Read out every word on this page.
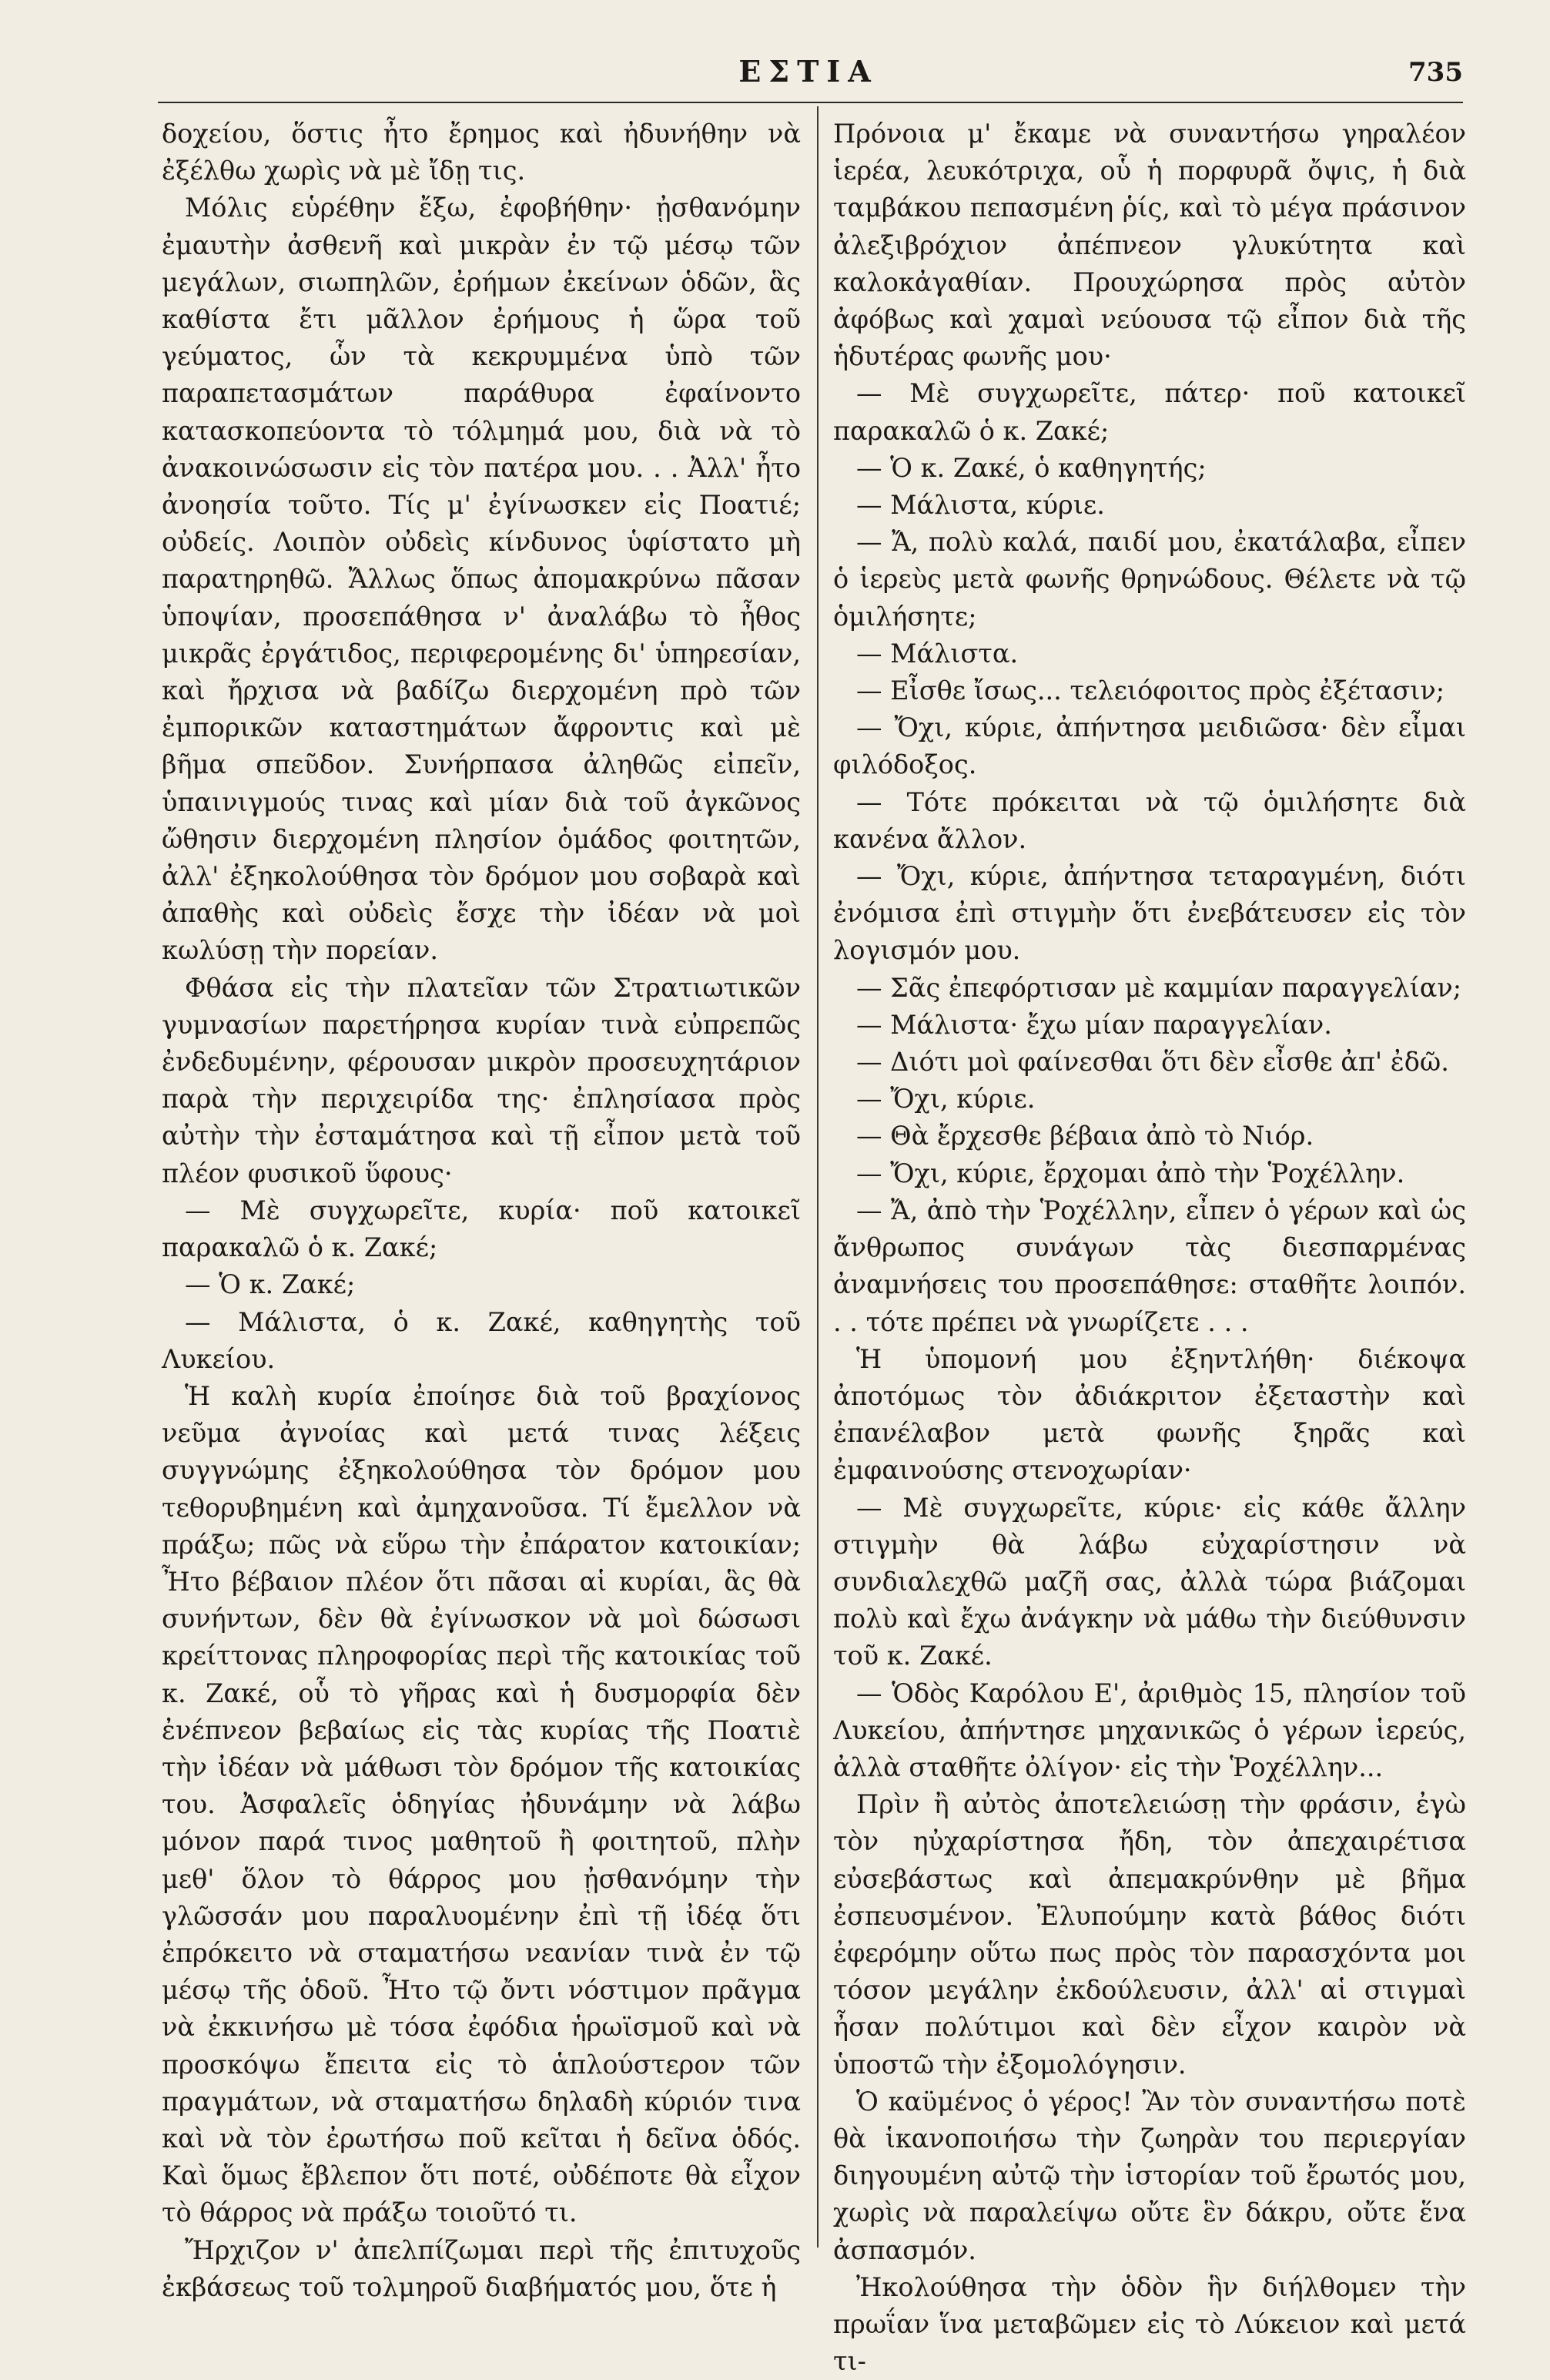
ΕΣΤΙΑ	735

δοχείου, ὅστις ἦτο ἔρημος καὶ ἠδυνήθην νὰ ἐξέλθω χωρὶς νὰ μὲ ἴδῃ τις.

Μόλις εὑρέθην ἔξω, ἐφοβήθην· ᾐσθανόμην ἐμαυτὴν ἀσθενῆ καὶ μικρὰν ἐν τῷ μέσῳ τῶν μεγάλων, σιωπηλῶν, ἐρήμων ἐκείνων ὁδῶν, ἃς καθίστα ἔτι μᾶλλον ἐρήμους ἡ ὥρα τοῦ γεύματος, ὧν τὰ κεκρυμμένα ὑπὸ τῶν παραπετασμάτων παράθυρα ἐφαίνοντο κατασκοπεύοντα τὸ τόλμημά μου, διὰ νὰ τὸ ἀνακοινώσωσιν εἰς τὸν πατέρα μου. . . Ἀλλ' ἦτο ἀνοησία τοῦτο. Τίς μ' ἐγίνωσκεν εἰς Ποατιέ; οὐδείς. Λοιπὸν οὐδεὶς κίνδυνος ὑφίστατο μὴ παρατηρηθῶ. Ἄλλως ὅπως ἀπομακρύνω πᾶσαν ὑποψίαν, προσεπάθησα ν' ἀναλάβω τὸ ἦθος μικρᾶς ἐργάτιδος, περιφερομένης δι' ὑπηρεσίαν, καὶ ἤρχισα νὰ βαδίζω διερχομένη πρὸ τῶν ἐμπορικῶν καταστημάτων ἄφροντις καὶ μὲ βῆμα σπεῦδον. Συνήρπασα ἀληθῶς εἰπεῖν, ὑπαινιγμούς τινας καὶ μίαν διὰ τοῦ ἀγκῶνος ὤθησιν διερχομένη πλησίον ὁμάδος φοιτητῶν, ἀλλ' ἐξηκολούθησα τὸν δρόμον μου σοβαρὰ καὶ ἀπαθὴς καὶ οὐδεὶς ἔσχε τὴν ἰδέαν νὰ μοὶ κωλύσῃ τὴν πορείαν.

Φθάσα εἰς τὴν πλατεῖαν τῶν Στρατιωτικῶν γυμνασίων παρετήρησα κυρίαν τινὰ εὐπρεπῶς ἐνδεδυμένην, φέρουσαν μικρὸν προσευχητάριον παρὰ τὴν περιχειρίδα της· ἐπλησίασα πρὸς αὐτὴν τὴν ἐσταμάτησα καὶ τῇ εἶπον μετὰ τοῦ πλέον φυσικοῦ ὕφους·

— Μὲ συγχωρεῖτε, κυρία· ποῦ κατοικεῖ παρακαλῶ ὁ κ. Ζακέ;

— Ὁ κ. Ζακέ;

— Μάλιστα, ὁ κ. Ζακέ, καθηγητὴς τοῦ Λυκείου.

Ἡ καλὴ κυρία ἐποίησε διὰ τοῦ βραχίονος νεῦμα ἀγνοίας καὶ μετά τινας λέξεις συγγνώμης ἐξηκολούθησα τὸν δρόμον μου τεθορυβημένη καὶ ἀμηχανοῦσα. Τί ἔμελλον νὰ πράξω; πῶς νὰ εὕρω τὴν ἐπάρατον κατοικίαν; Ἦτο βέβαιον πλέον ὅτι πᾶσαι αἱ κυρίαι, ἃς θὰ συνήντων, δὲν θὰ ἐγίνωσκον νὰ μοὶ δώσωσι κρείττονας πληροφορίας περὶ τῆς κατοικίας τοῦ κ. Ζακέ, οὗ τὸ γῆρας καὶ ἡ δυσμορφία δὲν ἐνέπνεον βεβαίως εἰς τὰς κυρίας τῆς Ποατιὲ τὴν ἰδέαν νὰ μάθωσι τὸν δρόμον τῆς κατοικίας του. Ἀσφαλεῖς ὁδηγίας ἠδυνάμην νὰ λάβω μόνον παρά τινος μαθητοῦ ἢ φοιτητοῦ, πλὴν μεθ' ὅλον τὸ θάρρος μου ᾐσθανόμην τὴν γλῶσσάν μου παραλυομένην ἐπὶ τῇ ἰδέᾳ ὅτι ἐπρόκειτο νὰ σταματήσω νεανίαν τινὰ ἐν τῷ μέσῳ τῆς ὁδοῦ. Ἦτο τῷ ὄντι νόστιμον πρᾶγμα νὰ ἐκκινήσω μὲ τόσα ἐφόδια ἡρωϊσμοῦ καὶ νὰ προσκόψω ἔπειτα εἰς τὸ ἁπλούστερον τῶν πραγμάτων, νὰ σταματήσω δηλαδὴ κύριόν τινα καὶ νὰ τὸν ἐρωτήσω ποῦ κεῖται ἡ δεῖνα ὁδός. Καὶ ὅμως ἔβλεπον ὅτι ποτέ, οὐδέποτε θὰ εἶχον τὸ θάρρος νὰ πράξω τοιοῦτό τι.

Ἤρχιζον ν' ἀπελπίζωμαι περὶ τῆς ἐπιτυχοῦς ἐκβάσεως τοῦ τολμηροῦ διαβήματός μου, ὅτε ἡ

Πρόνοια μ' ἔκαμε νὰ συναντήσω γηραλέον ἱερέα, λευκότριχα, οὗ ἡ πορφυρᾶ ὄψις, ἡ διὰ ταμβάκου πεπασμένη ῥίς, καὶ τὸ μέγα πράσινον ἀλεξιβρόχιον ἀπέπνεον γλυκύτητα καὶ καλοκἀγαθίαν. Προυχώρησα πρὸς αὐτὸν ἀφόβως καὶ χαμαὶ νεύουσα τῷ εἶπον διὰ τῆς ἡδυτέρας φωνῆς μου·

— Μὲ συγχωρεῖτε, πάτερ· ποῦ κατοικεῖ παρακαλῶ ὁ κ. Ζακέ;

— Ὁ κ. Ζακέ, ὁ καθηγητής;

— Μάλιστα, κύριε.

— Ἄ, πολὺ καλά, παιδί μου, ἐκατάλαβα, εἶπεν ὁ ἱερεὺς μετὰ φωνῆς θρηνώδους. Θέλετε νὰ τῷ ὁμιλήσητε;

— Μάλιστα.

— Εἶσθε ἴσως... τελειόφοιτος πρὸς ἐξέτασιν;

— Ὄχι, κύριε, ἀπήντησα μειδιῶσα· δὲν εἶμαι φιλόδοξος.

— Τότε πρόκειται νὰ τῷ ὁμιλήσητε διὰ κανένα ἄλλον.

— Ὄχι, κύριε, ἀπήντησα τεταραγμένη, διότι ἐνόμισα ἐπὶ στιγμὴν ὅτι ἐνεβάτευσεν εἰς τὸν λογισμόν μου.

— Σᾶς ἐπεφόρτισαν μὲ καμμίαν παραγγελίαν;

— Μάλιστα· ἔχω μίαν παραγγελίαν.

— Διότι μοὶ φαίνεσθαι ὅτι δὲν εἶσθε ἀπ' ἐδῶ.

— Ὄχι, κύριε.

— Θὰ ἔρχεσθε βέβαια ἀπὸ τὸ Νιόρ.

— Ὄχι, κύριε, ἔρχομαι ἀπὸ τὴν Ῥοχέλλην.

— Ἄ, ἀπὸ τὴν Ῥοχέλλην, εἶπεν ὁ γέρων καὶ ὡς ἄνθρωπος συνάγων τὰς διεσπαρμένας ἀναμνήσεις του προσεπάθησε: σταθῆτε λοιπόν. . . τότε πρέπει νὰ γνωρίζετε . . .

Ἡ ὑπομονή μου ἐξηντλήθη· διέκοψα ἀποτόμως τὸν ἀδιάκριτον ἐξεταστὴν καὶ ἐπανέλαβον μετὰ φωνῆς ξηρᾶς καὶ ἐμφαινούσης στενοχωρίαν·

— Μὲ συγχωρεῖτε, κύριε· εἰς κάθε ἄλλην στιγμὴν θὰ λάβω εὐχαρίστησιν νὰ συνδιαλεχθῶ μαζῆ σας, ἀλλὰ τώρα βιάζομαι πολὺ καὶ ἔχω ἀνάγκην νὰ μάθω τὴν διεύθυνσιν τοῦ κ. Ζακέ.

— Ὁδὸς Καρόλου Ε', ἀριθμὸς 15, πλησίον τοῦ Λυκείου, ἀπήντησε μηχανικῶς ὁ γέρων ἱερεύς, ἀλλὰ σταθῆτε ὀλίγον· εἰς τὴν Ῥοχέλλην...

Πρὶν ἢ αὐτὸς ἀποτελειώσῃ τὴν φράσιν, ἐγὼ τὸν ηὐχαρίστησα ἤδη, τὸν ἀπεχαιρέτισα εὐσεβάστως καὶ ἀπεμακρύνθην μὲ βῆμα ἐσπευσμένον. Ἐλυπούμην κατὰ βάθος διότι ἐφερόμην οὕτω πως πρὸς τὸν παρασχόντα μοι τόσον μεγάλην ἐκδούλευσιν, ἀλλ' αἱ στιγμαὶ ἦσαν πολύτιμοι καὶ δὲν εἶχον καιρὸν νὰ ὑποστῶ τὴν ἐξομολόγησιν.

Ὁ καϋμένος ὁ γέρος! Ἂν τὸν συναντήσω ποτὲ θὰ ἱκανοποιήσω τὴν ζωηρὰν του περιεργίαν διηγουμένη αὐτῷ τὴν ἱστορίαν τοῦ ἔρωτός μου, χωρὶς νὰ παραλείψω οὔτε ἓν δάκρυ, οὔτε ἕνα ἀσπασμόν.

Ἠκολούθησα τὴν ὁδὸν ἣν διήλθομεν τὴν πρωΐαν ἵνα μεταβῶμεν εἰς τὸ Λύκειον καὶ μετά τι-
